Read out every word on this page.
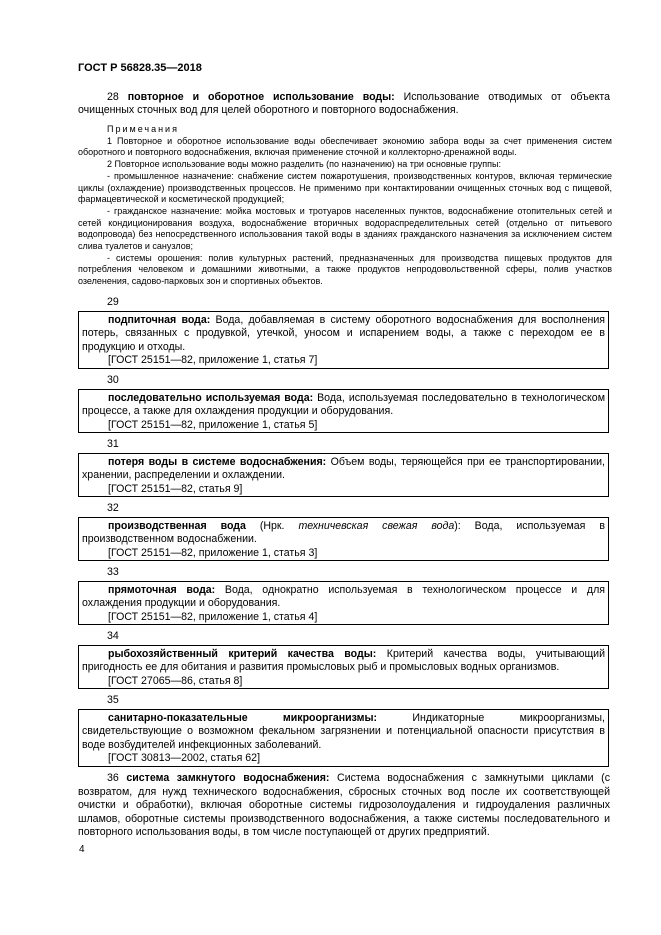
ГОСТ Р 56828.35—2018
28 повторное и оборотное использование воды: Использование отводимых от объекта очищенных сточных вод для целей оборотного и повторного водоснабжения.
Примечания
1 Повторное и оборотное использование воды обеспечивает экономию забора воды за счет применения систем оборотного и повторного водоснабжения, включая применение сточной и коллекторно-дренажной воды.
2 Повторное использование воды можно разделить (по назначению) на три основные группы:
- промышленное назначение: снабжение систем пожаротушения, производственных контуров, включая термические циклы (охлаждение) производственных процессов. Не применимо при контактировании очищенных сточных вод с пищевой, фармацевтической и косметической продукцией;
- гражданское назначение: мойка мостовых и тротуаров населенных пунктов, водоснабжение отопительных сетей и сетей кондиционирования воздуха, водоснабжение вторичных водораспределительных сетей (отдельно от питьевого водопровода) без непосредственного использования такой воды в зданиях гражданского назначения за исключением систем слива туалетов и санузлов;
- системы орошения: полив культурных растений, предназначенных для производства пищевых продуктов для потребления человеком и домашними животными, а также продуктов непродовольственной сферы, полив участков озеленения, садово-парковых зон и спортивных объектов.
29
подпиточная вода: Вода, добавляемая в систему оборотного водоснабжения для восполнения потерь, связанных с продувкой, утечкой, уносом и испарением воды, а также с переходом ее в продукцию и отходы.
[ГОСТ 25151—82, приложение 1, статья 7]
30
последовательно используемая вода: Вода, используемая последовательно в технологическом процессе, а также для охлаждения продукции и оборудования.
[ГОСТ 25151—82, приложение 1, статья 5]
31
потеря воды в системе водоснабжения: Объем воды, теряющейся при ее транспортировании, хранении, распределении и охлаждении.
[ГОСТ 25151—82, статья 9]
32
производственная вода (Нрк. техничевская свежая вода): Вода, используемая в производственном водоснабжении.
[ГОСТ 25151—82, приложение 1, статья 3]
33
прямоточная вода: Вода, однократно используемая в технологическом процессе и для охлаждения продукции и оборудования.
[ГОСТ 25151—82, приложение 1, статья 4]
34
рыбохозяйственный критерий качества воды: Критерий качества воды, учитывающий пригодность ее для обитания и развития промысловых рыб и промысловых водных организмов.
[ГОСТ 27065—86, статья 8]
35
санитарно-показательные микроорганизмы: Индикаторные микроорганизмы, свидетельствующие о возможном фекальном загрязнении и потенциальной опасности присутствия в воде возбудителей инфекционных заболеваний.
[ГОСТ 30813—2002, статья 62]
36 система замкнутого водоснабжения: Система водоснабжения с замкнутыми циклами (с возвратом, для нужд технического водоснабжения, сбросных сточных вод после их соответствующей очистки и обработки), включая оборотные системы гидрозолоудаления и гидроудаления различных шламов, оборотные системы производственного водоснабжения, а также системы последовательного и повторного использования воды, в том числе поступающей от других предприятий.
4
